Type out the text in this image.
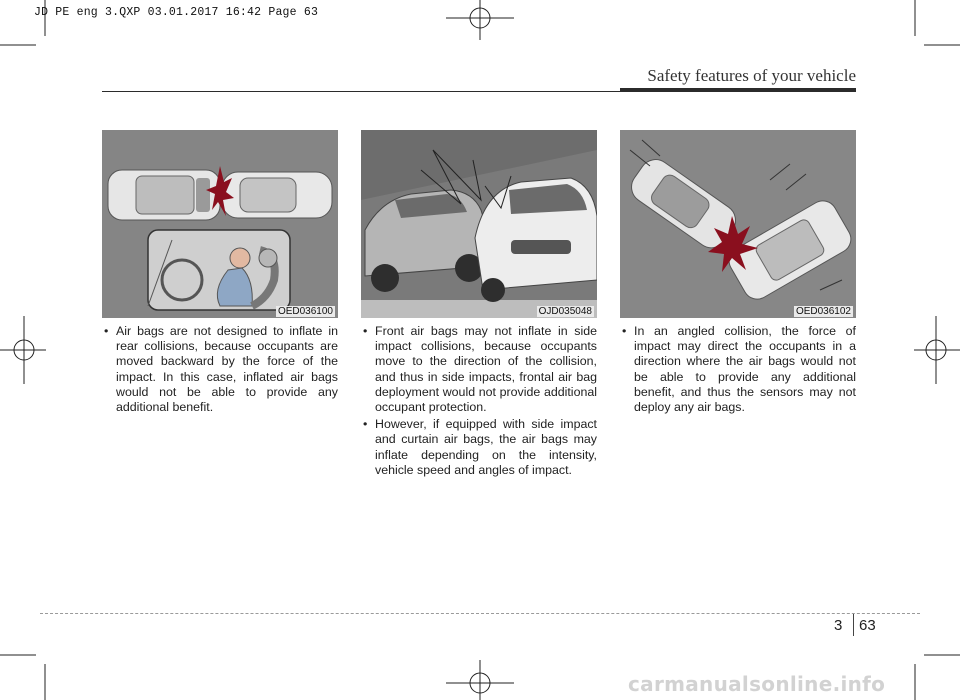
JD PE eng 3.QXP 03.01.2017 16:42 Page 63
Safety features of your vehicle
OED036100	OJD035048	OED036102

• Air bags are not designed to inflate in rear collisions, because occupants are moved backward by the force of the impact. In this case, inflated air bags would not be able to provide any additional benefit.

• Front air bags may not inflate in side impact collisions, because occupants move to the direction of the collision, and thus in side impacts, frontal air bag deployment would not provide additional occupant protection.

• However, if equipped with side impact and curtain air bags, the air bags may inflate depending on the intensity, vehicle speed and angles of impact.

• In an angled collision, the force of impact may direct the occupants in a direction where the air bags would not be able to provide any additional benefit, and thus the sensors may not deploy any air bags.

3 63
carmanualsonline.info
